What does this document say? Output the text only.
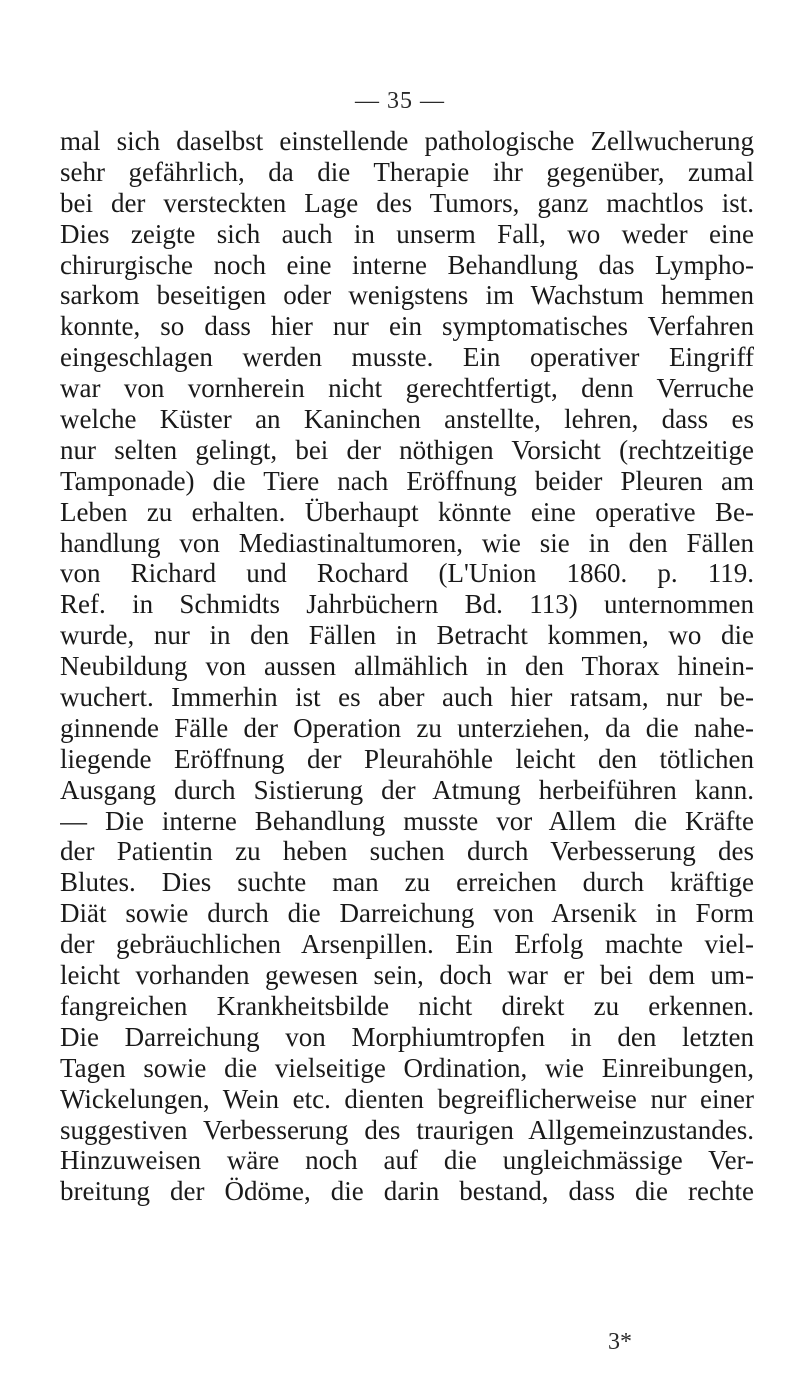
— 35 —
mal sich daselbst einstellende pathologische Zellwucherung
sehr gefährlich, da die Therapie ihr gegenüber, zumal
bei der versteckten Lage des Tumors, ganz machtlos ist.
Dies zeigte sich auch in unserm Fall, wo weder eine
chirurgische noch eine interne Behandlung das Lympho-
sarkom beseitigen oder wenigstens im Wachstum hemmen
konnte, so dass hier nur ein symptomatisches Verfahren
eingeschlagen werden musste. Ein operativer Eingriff
war von vornherein nicht gerechtfertigt, denn Verruche
welche Küster an Kaninchen anstellte, lehren, dass es
nur selten gelingt, bei der nöthigen Vorsicht (rechtzeitige
Tamponade) die Tiere nach Eröffnung beider Pleuren am
Leben zu erhalten. Überhaupt könnte eine operative Be-
handlung von Mediastinaltumoren, wie sie in den Fällen
von Richard und Rochard (L'Union 1860. p. 119.
Ref. in Schmidts Jahrbüchern Bd. 113) unternommen
wurde, nur in den Fällen in Betracht kommen, wo die
Neubildung von aussen allmählich in den Thorax hinein-
wuchert. Immerhin ist es aber auch hier ratsam, nur be-
ginnende Fälle der Operation zu unterziehen, da die nahe-
liegende Eröffnung der Pleurahöhle leicht den tötlichen
Ausgang durch Sistierung der Atmung herbeiführen kann.
— Die interne Behandlung musste vor Allem die Kräfte
der Patientin zu heben suchen durch Verbesserung des
Blutes. Dies suchte man zu erreichen durch kräftige
Diät sowie durch die Darreichung von Arsenik in Form
der gebräuchlichen Arsenpillen. Ein Erfolg machte viel-
leicht vorhanden gewesen sein, doch war er bei dem um-
fangreichen Krankheitsbilde nicht direkt zu erkennen.
Die Darreichung von Morphiumtropfen in den letzten
Tagen sowie die vielseitige Ordination, wie Einreibungen,
Wickelungen, Wein etc. dienten begreiflicherweise nur einer
suggestiven Verbesserung des traurigen Allgemeinzustandes.
Hinzuweisen wäre noch auf die ungleichmässige Ver-
breitung der Ödöme, die darin bestand, dass die rechte
3*
